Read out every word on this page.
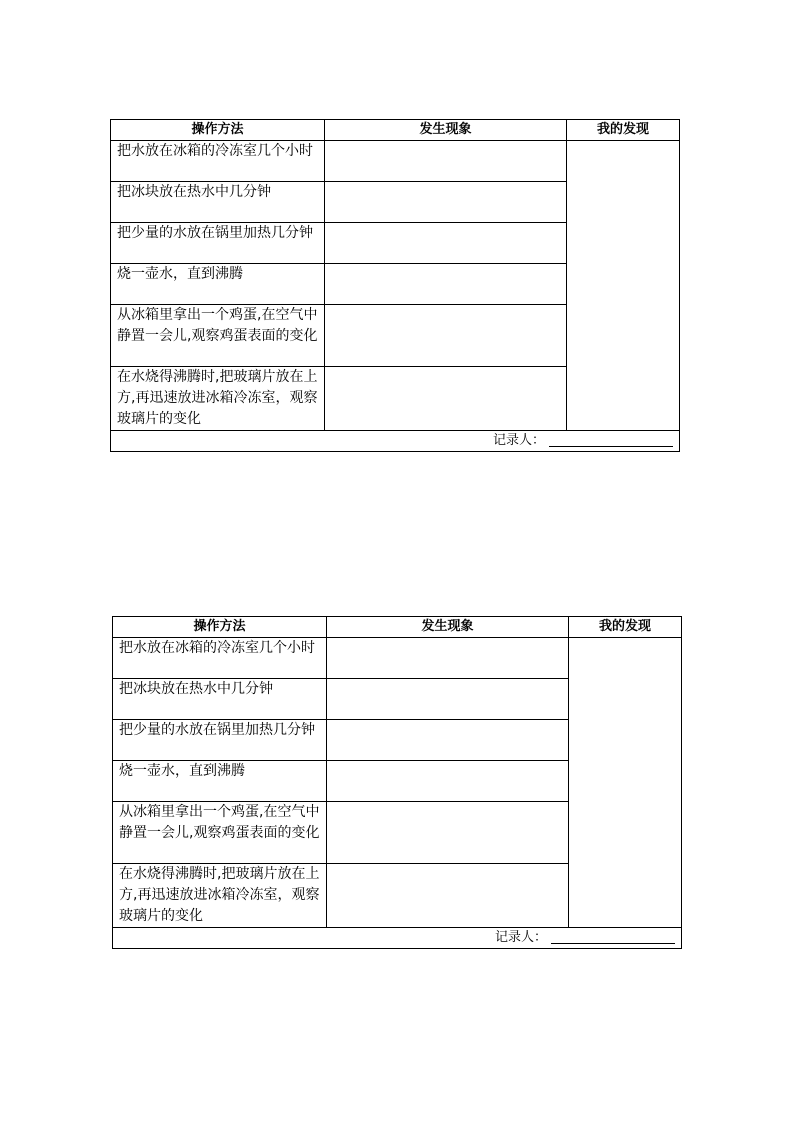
操作方法	发生现象	我的发现
把水放在冰箱的冷冻室几个小时		
把冰块放在热水中几分钟		
把少量的水放在锅里加热几分钟		
烧一壶水，直到沸腾		
从冰箱里拿出一个鸡蛋,在空气中静置一会儿,观察鸡蛋表面的变化		
在水烧得沸腾时,把玻璃片放在上方,再迅速放进冰箱冷冻室，观察玻璃片的变化		
记录人：		
操作方法	发生现象	我的发现
把水放在冰箱的冷冻室几个小时		
把冰块放在热水中几分钟		
把少量的水放在锅里加热几分钟		
烧一壶水，直到沸腾		
从冰箱里拿出一个鸡蛋,在空气中静置一会儿,观察鸡蛋表面的变化		
在水烧得沸腾时,把玻璃片放在上方,再迅速放进冰箱冷冻室，观察玻璃片的变化		
记录人：		
